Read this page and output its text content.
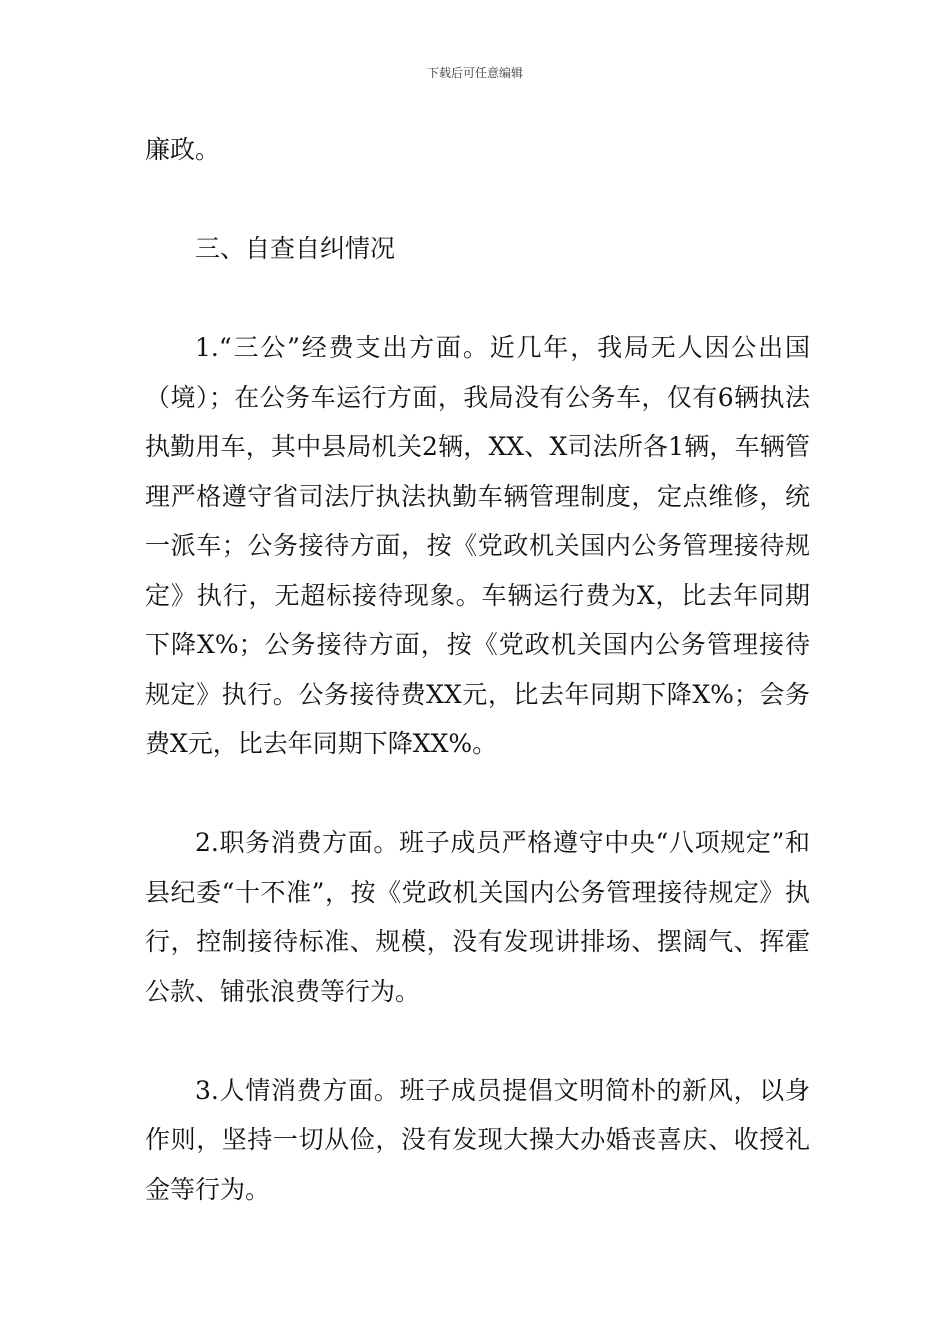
下载后可任意编辑

廉政。

三、自查自纠情况

1.“三公”经费支出方面。近几年，我局无人因公出国（境）；在公务车运行方面，我局没有公务车，仅有6辆执法执勤用车，其中县局机关2辆，XX、X司法所各1辆，车辆管理严格遵守省司法厅执法执勤车辆管理制度，定点维修，统一派车；公务接待方面，按《党政机关国内公务管理接待规定》执行，无超标接待现象。车辆运行费为X，比去年同期下降X%；公务接待方面，按《党政机关国内公务管理接待规定》执行。公务接待费XX元，比去年同期下降X%；会务费X元，比去年同期下降XX%。

2.职务消费方面。班子成员严格遵守中央“八项规定”和县纪委“十不准”，按《党政机关国内公务管理接待规定》执行，控制接待标准、规模，没有发现讲排场、摆阔气、挥霍公款、铺张浪费等行为。

3.人情消费方面。班子成员提倡文明简朴的新风，以身作则，坚持一切从俭，没有发现大操大办婚丧喜庆、收授礼金等行为。
